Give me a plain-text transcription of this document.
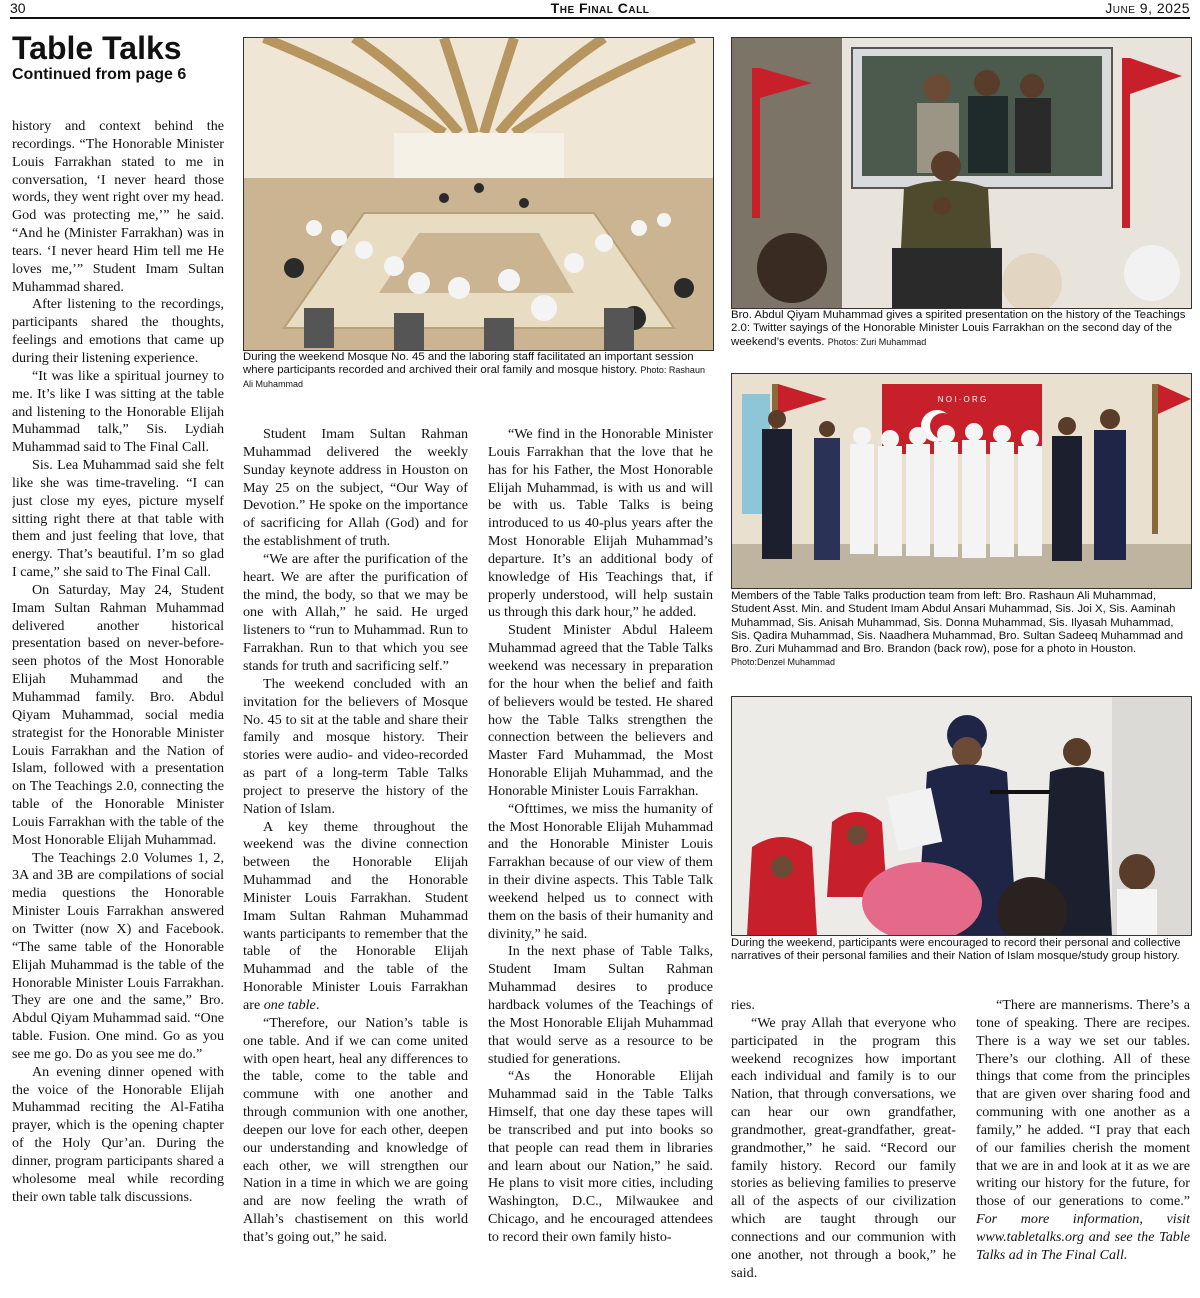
30	The Final Call	June 9, 2025
Table Talks
Continued from page 6

history and context behind the recordings. “The Honorable Minister Louis Farrakhan stated to me in conversation, ‘I never heard those words, they went right over my head. God was protecting me,’” he said. “And he (Minister Farrakhan) was in tears. ‘I never heard Him tell me He loves me,’” Student Imam Sultan Muhammad shared.

After listening to the recordings, participants shared the thoughts, feelings and emotions that came up during their listening experience.

“It was like a spiritual journey to me. It’s like I was sitting at the table and listening to the Honorable Elijah Muhammad talk,” Sis. Lydiah Muhammad said to The Final Call.

Sis. Lea Muhammad said she felt like she was time-traveling. “I can just close my eyes, picture myself sitting right there at that table with them and just feeling that love, that energy. That’s beautiful. I’m so glad I came,” she said to The Final Call.

On Saturday, May 24, Student Imam Sultan Rahman Muhammad delivered another historical presentation based on never-before-seen photos of the Most Honorable Elijah Muhammad and the Muhammad family. Bro. Abdul Qiyam Muhammad, social media strategist for the Honorable Minister Louis Farrakhan and the Nation of Islam, followed with a presentation on The Teachings 2.0, connecting the table of the Honorable Minister Louis Farrakhan with the table of the Most Honorable Elijah Muhammad.

The Teachings 2.0 Volumes 1, 2, 3A and 3B are compilations of social media questions the Honorable Minister Louis Farrakhan answered on Twitter (now X) and Facebook. “The same table of the Honorable Elijah Muhammad is the table of the Honorable Minister Louis Farrakhan. They are one and the same,” Bro. Abdul Qiyam Muhammad said. “One table. Fusion. One mind. Go as you see me go. Do as you see me do.”

An evening dinner opened with the voice of the Honorable Elijah Muhammad reciting the Al-Fatiha prayer, which is the opening chapter of the Holy Qur’an. During the dinner, program participants shared a wholesome meal while recording their own table talk discussions.

During the weekend Mosque No. 45 and the laboring staff facilitated an important session where participants recorded and archived their oral family and mosque history. Photo: Rashaun Ali Muhammad

Student Imam Sultan Rahman Muhammad delivered the weekly Sunday keynote address in Houston on May 25 on the subject, “Our Way of Devotion.” He spoke on the importance of sacrificing for Allah (God) and for the establishment of truth.

“We are after the purification of the heart. We are after the purification of the mind, the body, so that we may be one with Allah,” he said. He urged listeners to “run to Muhammad. Run to Farrakhan. Run to that which you see stands for truth and sacrificing self.”

The weekend concluded with an invitation for the believers of Mosque No. 45 to sit at the table and share their family and mosque history. Their stories were audio- and video-recorded as part of a long-term Table Talks project to preserve the history of the Nation of Islam.

A key theme throughout the weekend was the divine connection between the Honorable Elijah Muhammad and the Honorable Minister Louis Farrakhan. Student Imam Sultan Rahman Muhammad wants participants to remember that the table of the Honorable Elijah Muhammad and the table of the Honorable Minister Louis Farrakhan are one table.

“Therefore, our Nation’s table is one table. And if we can come united with open heart, heal any differences to the table, come to the table and commune with one another and through communion with one another, deepen our love for each other, deepen our understanding and knowledge of each other, we will strengthen our Nation in a time in which we are going and are now feeling the wrath of Allah’s chastisement on this world that’s going out,” he said.

“We find in the Honorable Minister Louis Farrakhan that the love that he has for his Father, the Most Honorable Elijah Muhammad, is with us and will be with us. Table Talks is being introduced to us 40-plus years after the Most Honorable Elijah Muhammad’s departure. It’s an additional body of knowledge of His Teachings that, if properly understood, will help sustain us through this dark hour,” he added.

Student Minister Abdul Haleem Muhammad agreed that the Table Talks weekend was necessary in preparation for the hour when the belief and faith of believers would be tested. He shared how the Table Talks strengthen the connection between the believers and Master Fard Muhammad, the Most Honorable Elijah Muhammad, and the Honorable Minister Louis Farrakhan.

“Ofttimes, we miss the humanity of the Most Honorable Elijah Muhammad and the Honorable Minister Louis Farrakhan because of our view of them in their divine aspects. This Table Talk weekend helped us to connect with them on the basis of their humanity and divinity,” he said.

In the next phase of Table Talks, Student Imam Sultan Rahman Muhammad desires to produce hardback volumes of the Teachings of the Most Honorable Elijah Muhammad that would serve as a resource to be studied for generations.

“As the Honorable Elijah Muhammad said in the Table Talks Himself, that one day these tapes will be transcribed and put into books so that people can read them in libraries and learn about our Nation,” he said. He plans to visit more cities, including Washington, D.C., Milwaukee and Chicago, and he encouraged attendees to record their own family histo-

Bro. Abdul Qiyam Muhammad gives a spirited presentation on the history of the Teachings 2.0: Twitter sayings of the Honorable Minister Louis Farrakhan on the second day of the weekend’s events. Photos: Zuri Muhammad
N O I · O R G
Members of the Table Talks production team from left: Bro. Rashaun Ali Muhammad, Student Asst. Min. and Student Imam Abdul Ansari Muhammad, Sis. Joi X, Sis. Aaminah Muhammad, Sis. Anisah Muhammad, Sis. Donna Muhammad, Sis. Ilyasah Muhammad, Sis. Qadira Muhammad, Sis. Naadhera Muhammad, Bro. Sultan Sadeeq Muhammad and Bro. Zuri Muhammad and Bro. Brandon (back row), pose for a photo in Houston. Photo:Denzel Muhammad
During the weekend, participants were encouraged to record their personal and collective narratives of their personal families and their Nation of Islam mosque/study group history.

ries.

“We pray Allah that everyone who participated in the program this weekend recognizes how important each individual and family is to our Nation, that through conversations, we can hear our own grandfather, grandmother, great-grandfather, great-grandmother,” he said. “Record our family history. Record our family stories as believing families to preserve all of the aspects of our civilization which are taught through our connections and our communion with one another, not through a book,” he said.

“There are mannerisms. There’s a tone of speaking. There are recipes. There is a way we set our tables. There’s our clothing. All of these things that come from the principles that are given over sharing food and communing with one another as a family,” he added. “I pray that each of our families cherish the moment that we are in and look at it as we are writing our history for the future, for those of our generations to come.” For more information, visit www.tabletalks.org and see the Table Talks ad in The Final Call.
